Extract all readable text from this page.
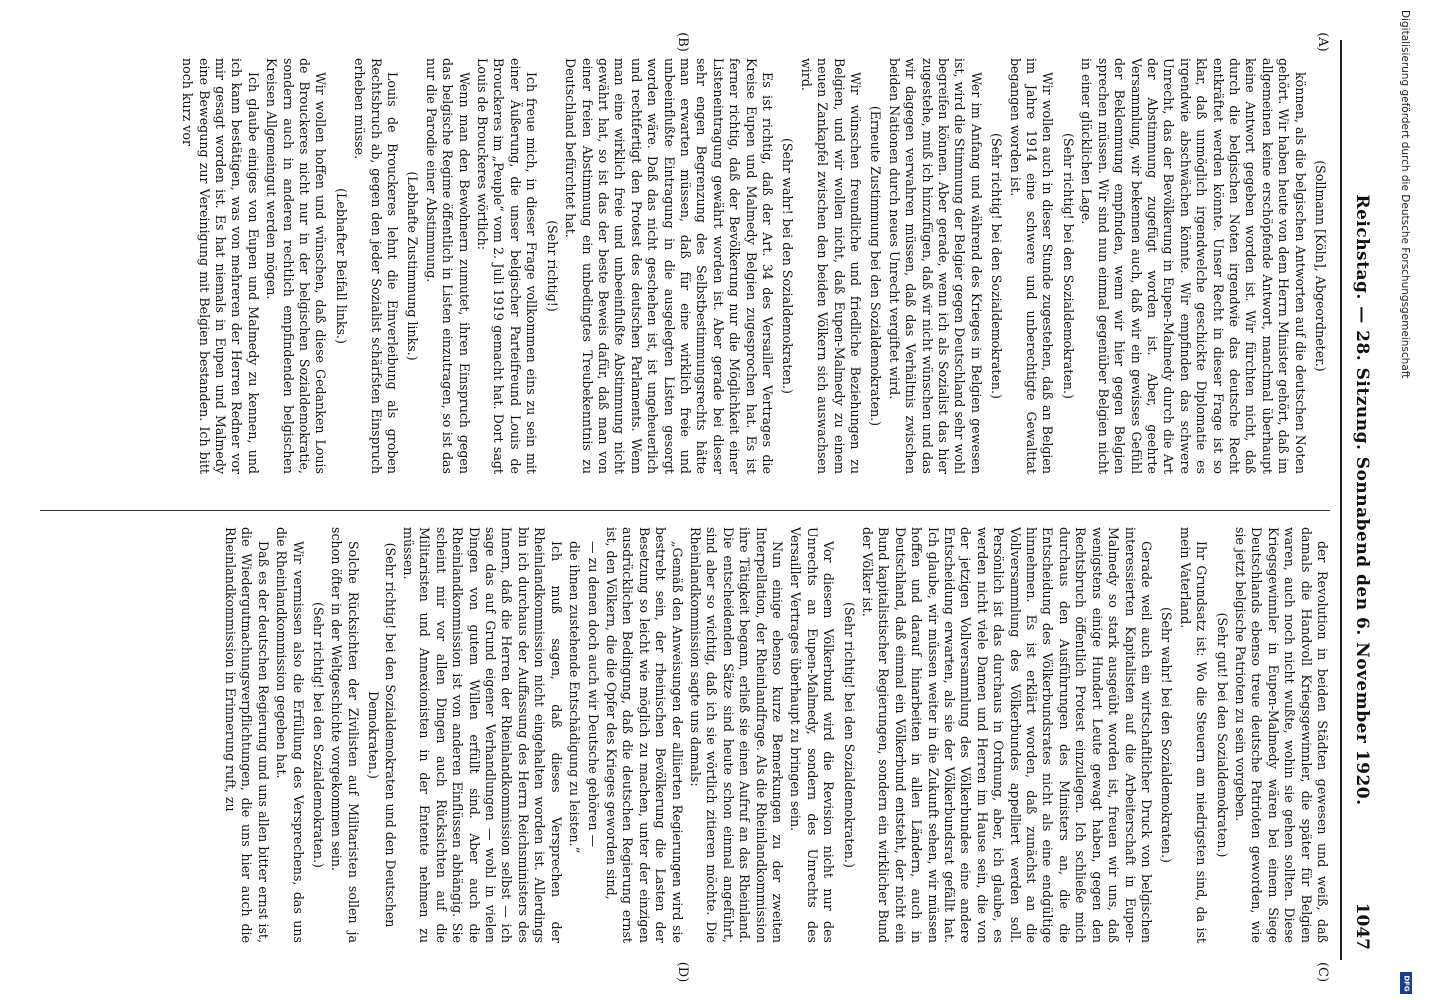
Reichstag. — 28. Sitzung. Sonnabend den 6. November 1920.
1047

(Sollmann [Köln], Abgeordneter.)

können, als die belgischen Antworten auf die deutschen Noten gehört. Wir haben heute von dem Herrn Minister gehört, daß im allgemeinen keine erschöpfende Antwort, manchmal überhaupt keine Antwort gegeben worden ist. Wir fürchten nicht, daß durch die belgischen Noten irgendwie das deutsche Recht entkräftet werden könnte. Unser Recht in dieser Frage ist so klar, daß unmöglich irgendwelche geschickte Diplomatie es irgendwie abschwächen könnte. Wir empfinden das schwere Unrecht, das der Bevölkerung in Eupen-Malmedy durch die Art der Abstimmung zugefügt worden ist. Aber, geehrte Versammlung, wir bekennen auch, daß wir ein gewisses Gefühl der Beklemmung empfinden, wenn wir hier gegen Belgien sprechen müssen. Wir sind nun einmal gegenüber Belgien nicht in einer glücklichen Lage.

(Sehr richtig! bei den Sozialdemokraten.)

Wir wollen auch in dieser Stunde zugestehen, daß an Belgien im Jahre 1914 eine schwere und unberechtigte Gewalttat begangen worden ist.

(Sehr richtig! bei den Sozialdemokraten.)

Wer im Anfang und während des Krieges in Belgien gewesen ist, wird die Stimmung der Belgier gegen Deutschland sehr wohl begreifen können. Aber gerade, wenn ich als Sozialist das hier zugestehe, muß ich hinzufügen, daß wir nicht wünschen und das wir dagegen verwahren müssen, daß das Verhältnis zwischen beiden Nationen durch neues Unrecht vergiftet wird.

(Erneute Zustimmung bei den Sozialdemokraten.)

Wir wünschen freundliche und friedliche Beziehungen zu Belgien, und wir wollen nicht, daß Eupen-Malmedy zu einem neuen Zankapfel zwischen den beiden Völkern sich auswachsen wird.

(Sehr wahr! bei den Sozialdemokraten.)

Es ist richtig, daß der Art. 34 des Versailler Vertrages die Kreise Eupen und Malmedy Belgien zugesprochen hat. Es ist ferner richtig, daß der Bevölkerung nur die Möglichkeit einer Listeneintragung gewährt worden ist. Aber gerade bei dieser sehr engen Begrenzung des Selbstbestimmungsrechts hätte man erwarten müssen, daß für eine wirklich freie und unbeeinflußte Eintragung in die ausgelegten Listen gesorgt worden wäre. Daß das nicht geschehen ist, ist ungeheuerlich und rechtfertigt den Protest des deutschen Parlaments. Wenn man eine wirklich freie und unbeeinflußte Abstimmung nicht gewährt hat, so ist das der beste Beweis dafür, daß man von einer freien Abstimmung ein unbedingtes Treubekenntnis zu Deutschland befürchtet hat.

(Sehr richtig!)

Ich freue mich, in dieser Frage vollkommen eins zu sein mit einer Äußerung, die unser belgischer Parteifreund Louis de Brouckeres im „Peuple“ vom 2. Juli 1919 gemacht hat. Dort sagt Louis de Brouckeres wörtlich:

Wenn man den Bewohnern zumutet, ihren Einspruch gegen das belgische Regime öffentlich in Listen einzutragen, so ist das nur die Parodie einer Abstimmung.

(Lebhafte Zustimmung links.)

Louis de Brouckeres lehnt die Einverleibung als groben Rechtsbruch ab, gegen den jeder Sozialist schärfsten Einspruch erheben müsse.

(Lebhafter Beifall links.)

Wir wollen hoffen und wünschen, daß diese Gedanken Louis de Brouckeres nicht nur in der belgischen Sozialdemokratie, sondern auch in anderen rechtlich empfindenden belgischen Kreisen Allgemeingut werden mögen.

Ich glaube einiges von Eupen und Malmedy zu kennen, und ich kann bestätigen, was von mehreren der Herren Redner vor mir gesagt worden ist. Es hat niemals in Eupen und Malmedy eine Bewegung zur Vereinigung mit Belgien bestanden. Ich bitt noch kurz vor

der Revolution in beiden Städten gewesen und weiß, daß damals die Handvoll Kriegsgewinnler, die später für Belgien waren, auch noch nicht wußte, wohin sie gehen sollten. Diese Kriegsgewinnler in Eupen-Malmedy wären bei einem Siege Deutschlands ebenso treue deutsche Patrioten geworden, wie sie jetzt belgische Patrioten zu sein vorgeben.

(Sehr gut! bei den Sozialdemokraten.)

Ihr Grundsatz ist: Wo die Steuern am niedrigsten sind, da ist mein Vaterland.

(Sehr wahr! bei den Sozialdemokraten.)

Gerade weil auch ein wirtschaftlicher Druck von belgischen interessierten Kapitalisten auf die Arbeiterschaft in Eupen-Malmedy so stark ausgeübt worden ist, freuen wir uns, daß wenigstens einige Hundert Leute gewagt haben, gegen den Rechtsbruch öffentlich Protest einzulegen. Ich schließe mich durchaus den Ausführungen des Ministers an, die die Entscheidung des Völkerbundsrates nicht als eine endgültige hinnehmen. Es ist erklärt worden, daß zunächst an die Vollversammlung des Völkerbundes appelliert werden soll. Persönlich ist das durchaus in Ordnung, aber, ich glaube, es werden nicht viele Damen und Herren im Hause sein, die von der jetzigen Vollversammlung des Völkerbundes eine andere Entscheidung erwarten, als sie der Völkerbundsrat gefällt hat. Ich glaube, wir müssen weiter in die Zukunft sehen, wir müssen hoffen und darauf hinarbeiten in allen Ländern, auch in Deutschland, daß einmal ein Völkerbund entsteht, der nicht ein Bund kapitalistischer Regierungen, sondern ein wirklicher Bund der Völker ist.

(Sehr richtig! bei den Sozialdemokraten.)

Vor diesem Völkerbund wird die Revision nicht nur des Unrechts an Eupen-Malmedy, sondern des Unrechts des Versailler Vertrages überhaupt zu bringen sein.

Nun einige ebenso kurze Bemerkungen zu der zweiten Interpellation, der Rheinlandfrage. Als die Rheinlandkommission ihre Tätigkeit begann, erließ sie einen Aufruf an das Rheinland. Die entscheidenden Sätze sind heute schon einmal angeführt, sind aber so wichtig, daß ich sie wörtlich zitieren möchte. Die Rheinlandkommission sagte uns damals:

„Gemäß den Anweisungen der alliierten Regierungen wird sie bestrebt sein, der rheinischen Bevölkerung die Lasten der Besetzung so leicht wie möglich zu machen, unter der einzigen ausdrücklichen Bedingung, daß die deutschen Regierung ernst ist, den Völkern, die die Opfer des Krieges geworden sind,

— zu denen doch auch wir Deutsche gehören —

die ihnen zustehende Entschädigung zu leisten.“

Ich muß sagen, daß dieses Versprechen der Rheinlandkommission nicht eingehalten worden ist. Allerdings bin ich durchaus der Auffassung des Herrn Reichsministers des Innern, daß die Herren der Rheinlandkommission selbst — ich sage das auf Grund eigener Verhandlungen — wohl in vielen Dingen von gutem Willen erfüllt sind. Aber auch die Rheinlandkommission ist von anderen Einflüssen abhängig. Sie scheint mir vor allen Dingen auch Rücksichten auf die Militaristen und Annexionisten in der Entente nehmen zu müssen.

(Sehr richtig! bei den Sozialdemokraten und den Deutschen Demokraten.)

Solche Rücksichten der Zivilisten auf Militaristen sollen ja schon öfter in der Weltgeschichte vorgekommen sein.

(Sehr richtig! bei den Sozialdemokraten.)

Wir vermissen also die Erfüllung des Versprechens, das uns die Rheinlandkommission gegeben hat.

Daß es der deutschen Regierung und uns allen bitter ernst ist, die Wiedergutmachungsverpflichtungen, die uns hier auch die Rheinlandkommission in Erinnerung ruft, zu

(A)
(B)
(C)
(D)
Digitalisierung gefördert durch die Deutsche Forschungsgemeinschaft
DFG
